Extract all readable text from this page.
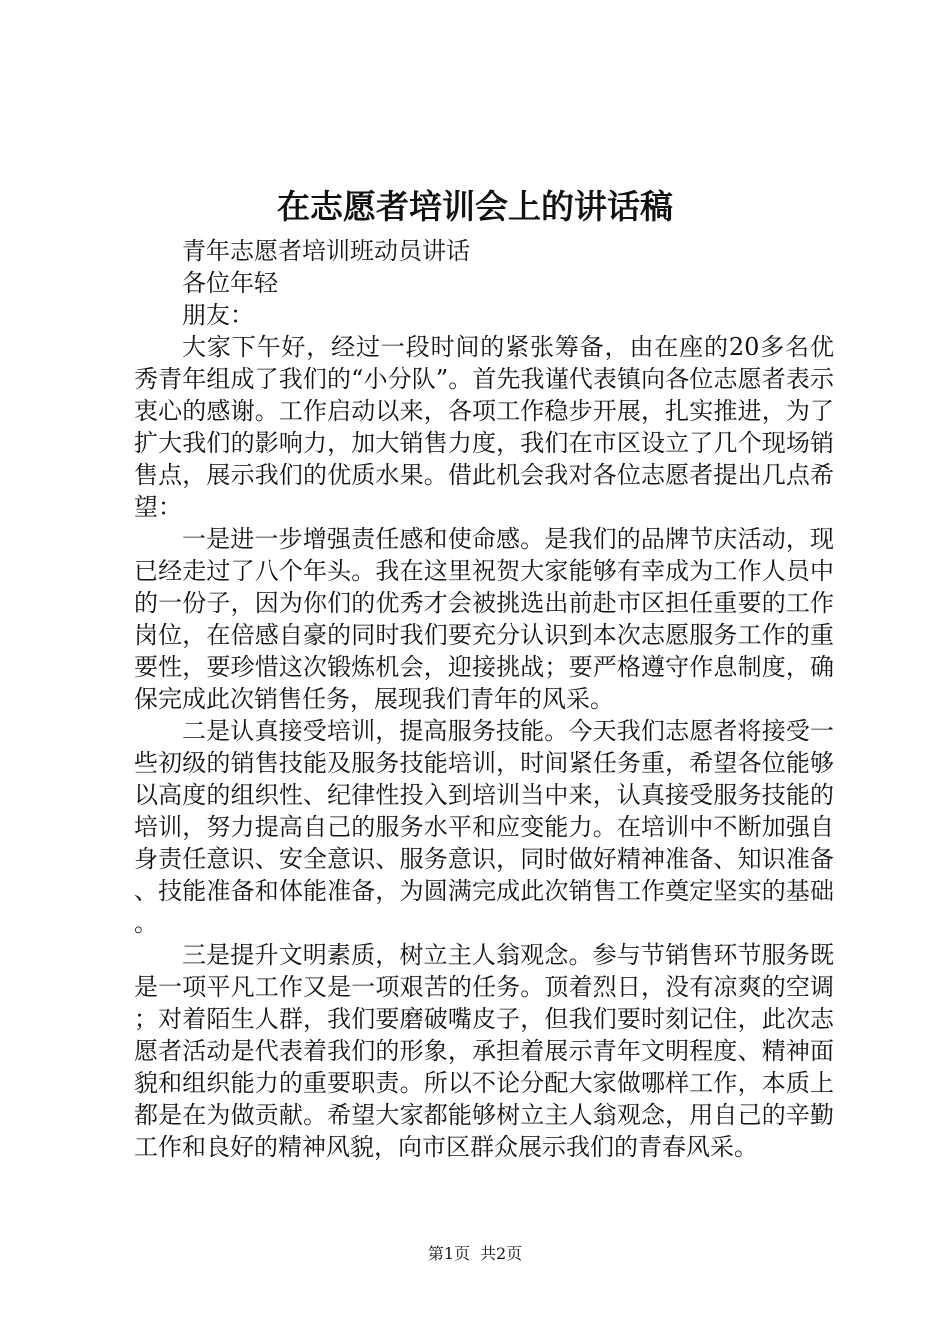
在志愿者培训会上的讲话稿

青年志愿者培训班动员讲话

各位年轻

朋友：

大家下午好，经过一段时间的紧张筹备，由在座的20多名优秀青年组成了我们的“小分队”。首先我谨代表镇向各位志愿者表示衷心的感谢。工作启动以来，各项工作稳步开展，扎实推进，为了扩大我们的影响力，加大销售力度，我们在市区设立了几个现场销售点，展示我们的优质水果。借此机会我对各位志愿者提出几点希望：

一是进一步增强责任感和使命感。是我们的品牌节庆活动，现已经走过了八个年头。我在这里祝贺大家能够有幸成为工作人员中的一份子，因为你们的优秀才会被挑选出前赴市区担任重要的工作岗位，在倍感自豪的同时我们要充分认识到本次志愿服务工作的重要性，要珍惜这次锻炼机会，迎接挑战；要严格遵守作息制度，确保完成此次销售任务，展现我们青年的风采。

二是认真接受培训，提高服务技能。今天我们志愿者将接受一些初级的销售技能及服务技能培训，时间紧任务重，希望各位能够以高度的组织性、纪律性投入到培训当中来，认真接受服务技能的培训，努力提高自己的服务水平和应变能力。在培训中不断加强自身责任意识、安全意识、服务意识，同时做好精神准备、知识准备、技能准备和体能准备，为圆满完成此次销售工作奠定坚实的基础。

三是提升文明素质，树立主人翁观念。参与节销售环节服务既是一项平凡工作又是一项艰苦的任务。顶着烈日，没有凉爽的空调；对着陌生人群，我们要磨破嘴皮子，但我们要时刻记住，此次志愿者活动是代表着我们的形象，承担着展示青年文明程度、精神面貌和组织能力的重要职责。所以不论分配大家做哪样工作，本质上都是在为做贡献。希望大家都能够树立主人翁观念，用自己的辛勤工作和良好的精神风貌，向市区群众展示我们的青春风采。

第1页 共2页
